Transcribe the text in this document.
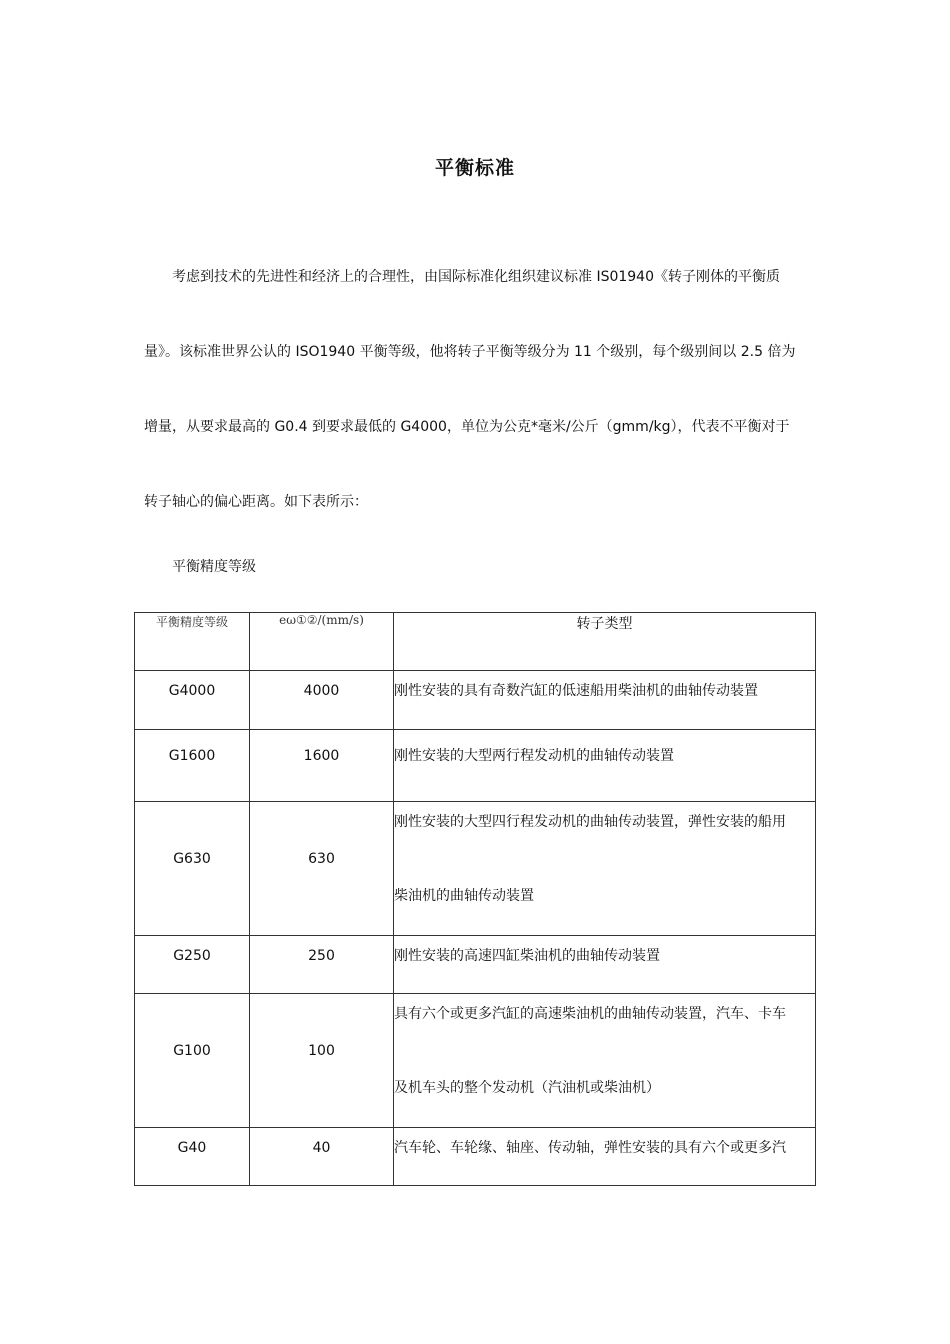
平衡标准
考虑到技术的先进性和经济上的合理性，由国际标准化组织建议标准 IS01940《转子刚体的平衡质
量》。该标准世界公认的 ISO1940 平衡等级，他将转子平衡等级分为 11 个级别，每个级别间以 2.5 倍为
增量，从要求最高的 G0.4 到要求最低的 G4000，单位为公克*毫米/公斤（gmm/kg），代表不平衡对于
转子轴心的偏心距离。如下表所示：
平衡精度等级
平衡精度等级	eω①②/(mm/s)	转子类型

G4000	4000	刚性安装的具有奇数汽缸的低速船用柴油机的曲轴传动装置

G1600	1600	刚性安装的大型两行程发动机的曲轴传动装置

G630	630	刚性安装的大型四行程发动机的曲轴传动装置，弹性安装的船用
柴油机的曲轴传动装置

G250	250	刚性安装的高速四缸柴油机的曲轴传动装置

G100	100	具有六个或更多汽缸的高速柴油机的曲轴传动装置，汽车、卡车
及机车头的整个发动机（汽油机或柴油机）

G40	40	汽车轮、车轮缘、轴座、传动轴，弹性安装的具有六个或更多汽
